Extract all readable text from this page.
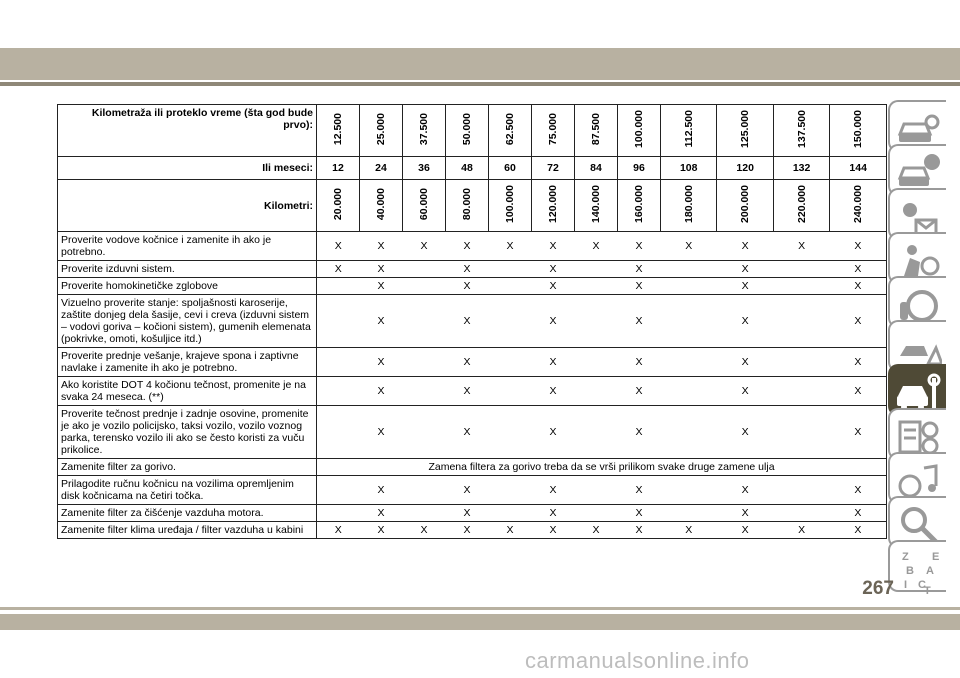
Kilometraža ili proteklo vreme (šta god bude prvo):	12.500	25.000	37.500	50.000	62.500	75.000	87.500	100.000	112.500	125.000	137.500	150.000
Ili meseci:	12	24	36	48	60	72	84	96	108	120	132	144
Kilometri:	20.000	40.000	60.000	80.000	100.000	120.000	140.000	160.000	180.000	200.000	220.000	240.000
Proverite vodove kočnice i zamenite ih ako je potrebno.	X	X	X	X	X	X	X	X	X	X	X	X
Proverite izduvni sistem.	X	X		X		X		X		X		X
Proverite homokinetičke zglobove		X		X		X		X		X		X
Vizuelno proverite stanje: spoljašnosti karoserije, zaštite donjeg dela šasije, cevi i creva (izduvni sistem – vodovi goriva – kočioni sistem), gumenih elemenata (pokrivke, omoti, košuljice itd.)		X		X		X		X		X		X
Proverite prednje vešanje, krajeve spona i zaptivne navlake i zamenite ih ako je potrebno.		X		X		X		X		X		X
Ako koristite DOT 4 kočionu tečnost, promenite je na svaka 24 meseca. (**)		X		X		X		X		X		X
Proverite tečnost prednje i zadnje osovine, promenite je ako je vozilo policijsko, taksi vozilo, vozilo voznog parka, terensko vozilo ili ako se često koristi za vuču prikolice.		X		X		X		X		X		X
Zamenite filter za gorivo.	Zamena filtera za gorivo treba da se vrši prilikom svake druge zamene ulja											
Prilagodite ručnu kočnicu na vozilima opremljenim disk kočnicama na četiri točka.		X		X		X		X		X		X
Zamenite filter za čišćenje vazduha motora.		X		X		X		X		X		X
Zamenite filter klima uređaja / filter vazduha u kabini	X	X	X	X	X	X	X	X	X	X	X	X
Z E
B A
I C
T
267
carmanualsonline.info
